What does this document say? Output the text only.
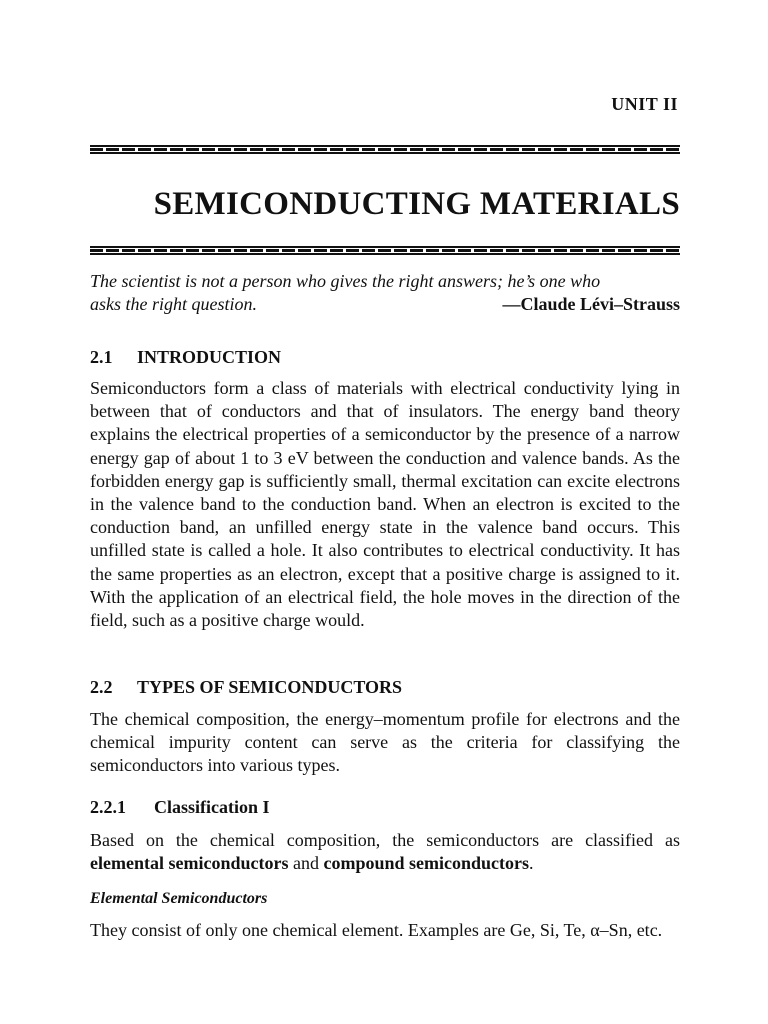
UNIT II
SEMICONDUCTING MATERIALS
The scientist is not a person who gives the right answers; he’s one who
asks the right question.	—Claude Lévi–Strauss
2.1 INTRODUCTION

Semiconductors form a class of materials with electrical conductivity lying in between that of conductors and that of insulators. The energy band theory explains the electrical properties of a semiconductor by the presence of a narrow energy gap of about 1 to 3 eV between the conduction and valence bands. As the forbidden energy gap is sufficiently small, thermal excitation can excite electrons in the valence band to the conduction band. When an electron is excited to the conduction band, an unfilled energy state in the valence band occurs. This unfilled state is called a hole. It also contributes to electrical conductivity. It has the same properties as an electron, except that a positive charge is assigned to it. With the application of an electrical field, the hole moves in the direction of the field, such as a positive charge would.

2.2 TYPES OF SEMICONDUCTORS

The chemical composition, the energy–momentum profile for electrons and the chemical impurity content can serve as the criteria for classifying the semiconductors into various types.

2.2.1 Classification I

Based on the chemical composition, the semiconductors are classified as elemental semiconductors and compound semiconductors.

Elemental Semiconductors

They consist of only one chemical element. Examples are Ge, Si, Te, α–Sn, etc.
